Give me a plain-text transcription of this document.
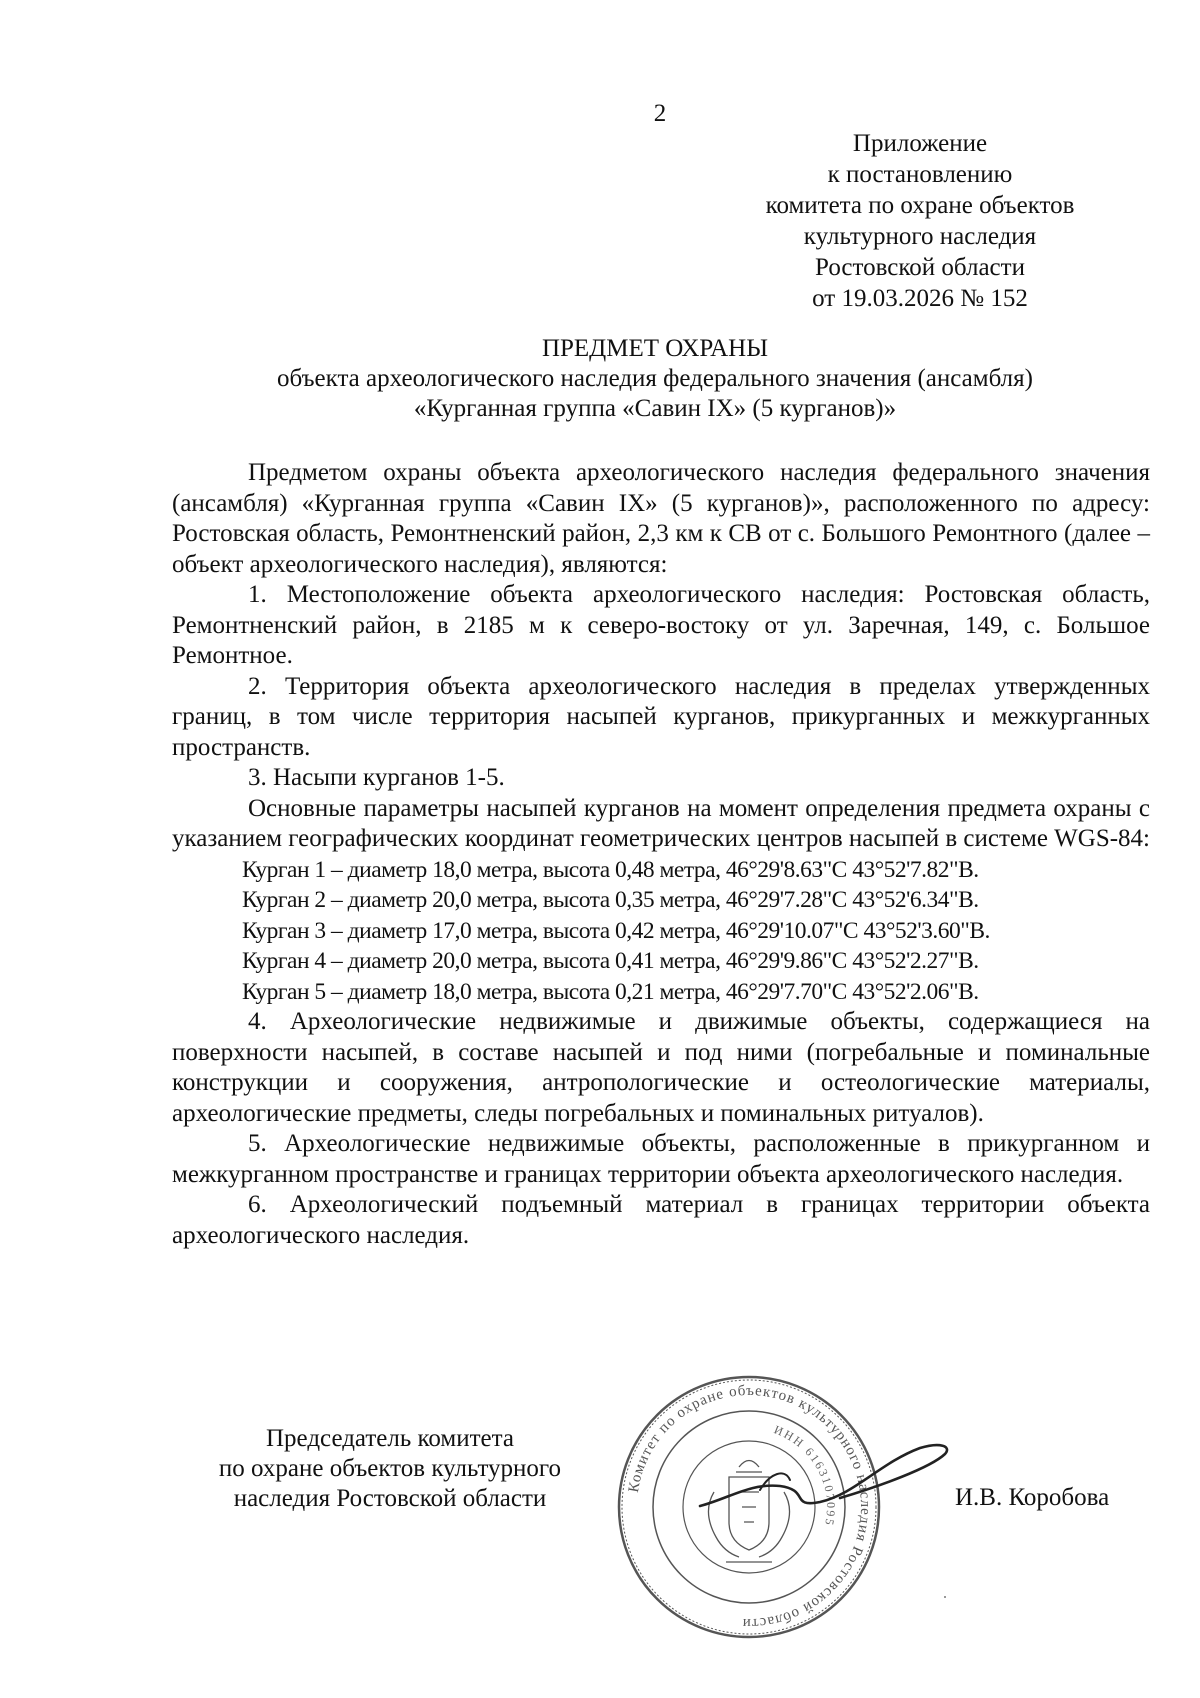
2
Приложение
к постановлению
комитета по охране объектов
культурного наследия
Ростовской области
от 19.03.2026 № 152
ПРЕДМЕТ ОХРАНЫ
объекта археологического наследия федерального значения (ансамбля)
«Курганная группа «Савин IX» (5 курганов)»

Предметом охраны объекта археологического наследия федерального значения (ансамбля) «Курганная группа «Савин IX» (5 курганов)», расположенного по адресу: Ростовская область, Ремонтненский район, 2,3 км к СВ от с. Большого Ремонтного (далее – объект археологического наследия), являются:

1. Местоположение объекта археологического наследия: Ростовская область, Ремонтненский район, в 2185 м к северо-востоку от ул. Заречная, 149, с. Большое Ремонтное.

2. Территория объекта археологического наследия в пределах утвержденных границ, в том числе территория насыпей курганов, прикурганных и межкурганных пространств.

3. Насыпи курганов 1-5.

Основные параметры насыпей курганов на момент определения предмета охраны с указанием географических координат геометрических центров насыпей в системе WGS-84:

Курган 1 – диаметр 18,0 метра, высота 0,48 метра, 46°29'8.63"С 43°52'7.82"В.

Курган 2 – диаметр 20,0 метра, высота 0,35 метра, 46°29'7.28"С 43°52'6.34"В.

Курган 3 – диаметр 17,0 метра, высота 0,42 метра, 46°29'10.07"С 43°52'3.60"В.

Курган 4 – диаметр 20,0 метра, высота 0,41 метра, 46°29'9.86"С 43°52'2.27"В.

Курган 5 – диаметр 18,0 метра, высота 0,21 метра, 46°29'7.70"С 43°52'2.06"В.

4. Археологические недвижимые и движимые объекты, содержащиеся на поверхности насыпей, в составе насыпей и под ними (погребальные и поминальные конструкции и сооружения, антропологические и остеологические материалы, археологические предметы, следы погребальных и поминальных ритуалов).

5. Археологические недвижимые объекты, расположенные в прикурганном и межкурганном пространстве и границах территории объекта археологического наследия.

6. Археологический подъемный материал в границах территории объекта археологического наследия.

Председатель комитета
по охране объектов культурного
наследия Ростовской области	Комитет по охране объектов культурного наследия Ростовской области
ИНН 6163107095
И.В. Коробова
